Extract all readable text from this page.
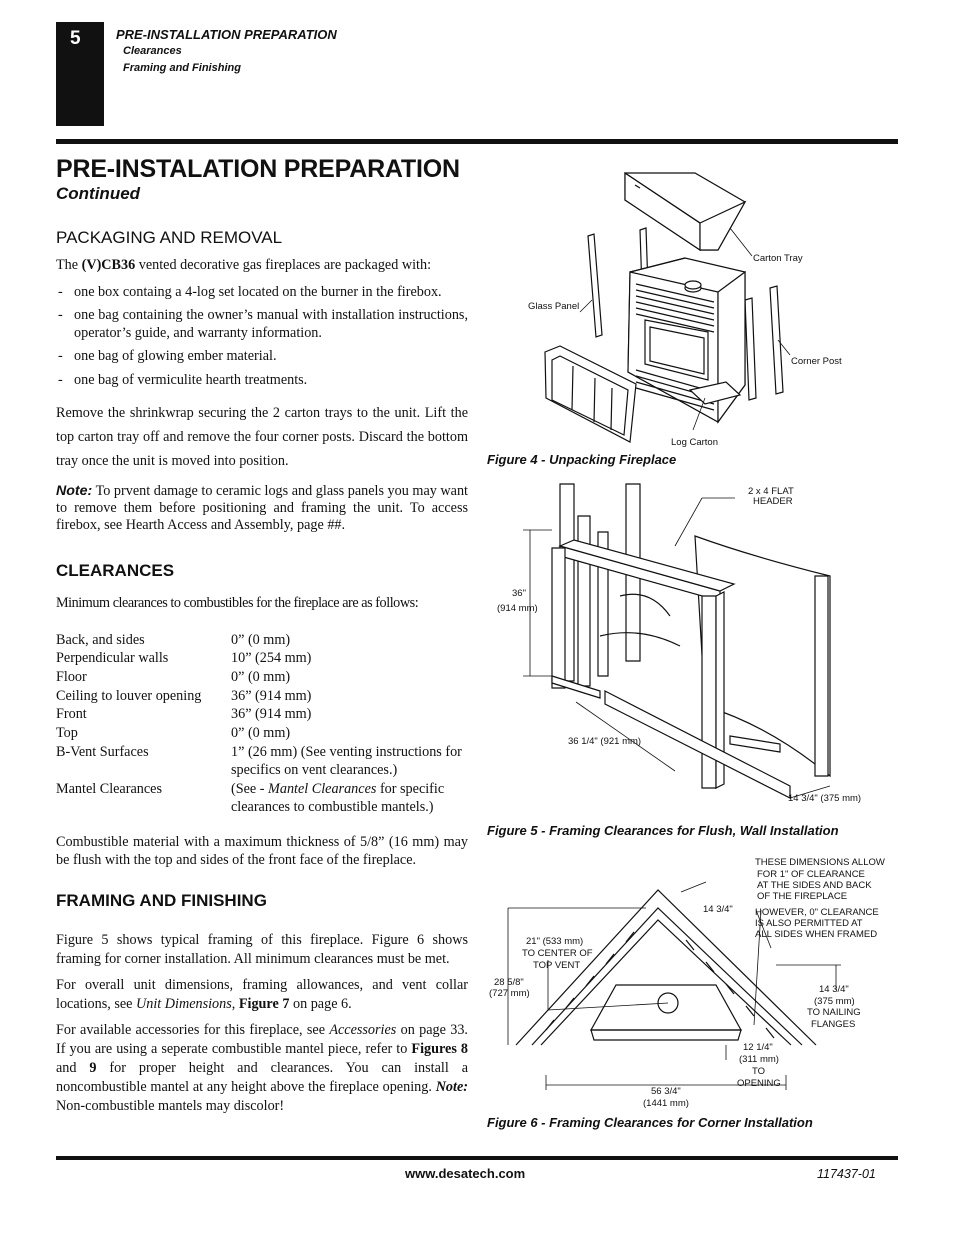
5	PRE-INSTALLATION PREPARATION
Clearances
Framing and Finishing
PRE-INSTALATION PREPARATION
Continued
PACKAGING AND REMOVAL
The (V)CB36 vented decorative gas fireplaces are packaged with:
- one box containg a 4-log set located on the burner in the firebox.
- one bag containing the owner’s manual with installation instructions, operator’s guide, and warranty information.
- one bag of glowing ember material.
- one bag of vermiculite hearth treatments.
Remove the shrinkwrap securing the 2 carton trays to the unit. Lift the top carton tray off and remove the four corner posts. Discard the bottom tray once the unit is moved into position.
Note: To prvent damage to ceramic logs and glass panels you may want to remove them before positioning and framing the unit. To access firebox, see Hearth Access and Assembly, page ##.
CLEARANCES
Minimum clearances to combustibles for the fireplace are as follows:
Back, and sides	0” (0 mm)
Perpendicular walls	10” (254 mm)
Floor	0” (0 mm)
Ceiling to louver opening 36” (914 mm)
Front	36” (914 mm)
Top	0” (0 mm)
B-Vent Surfaces	1” (26 mm) (See venting instructions for specifics on vent clearances.)
Mantel Clearances	(See - Mantel Clearances for specific clearances to combustible mantels.)
Combustible material with a maximum thickness of 5/8” (16 mm) may be flush with the top and sides of the front face of the fireplace.
FRAMING AND FINISHING
Figure 5 shows typical framing of this fireplace. Figure 6 shows framing for corner installation. All minimum clearances must be met.
For overall unit dimensions, framing allowances, and vent collar locations, see Unit Dimensions, Figure 7 on page 6.
For available accessories for this fireplace, see Accessories on page 33. If you are using a seperate combustible mantel piece, refer to Figures 8 and 9 for proper height and clearances. You can install a noncombustible mantel at any height above the fireplace opening. Note: Non-combustible mantels may discolor!
Carton Tray
Glass Panel
Corner Post
Log Carton
Figure 4 - Unpacking Fireplace
2 x 4 FLAT
HEADER
36"
(914 mm)
36 1/4" (921 mm)
14 3/4" (375 mm)
Figure 5 - Framing Clearances for Flush, Wall Installation
THESE DIMENSIONS ALLOW
FOR 1" OF CLEARANCE
AT THE SIDES AND BACK
OF THE FIREPLACE
HOWEVER, 0" CLEARANCE
IS ALSO PERMITTED AT
ALL SIDES WHEN FRAMED
14 3/4"
21" (533 mm)
TO CENTER OF
TOP VENT
28 5/8"
(727 mm)	14 3/4"
(375 mm)
TO NAILING
FLANGES
12 1/4"
(311 mm)
TO
OPENING
56 3/4"
(1441 mm)
Figure 6 - Framing Clearances for Corner Installation
www.desatech.com	117437-01
